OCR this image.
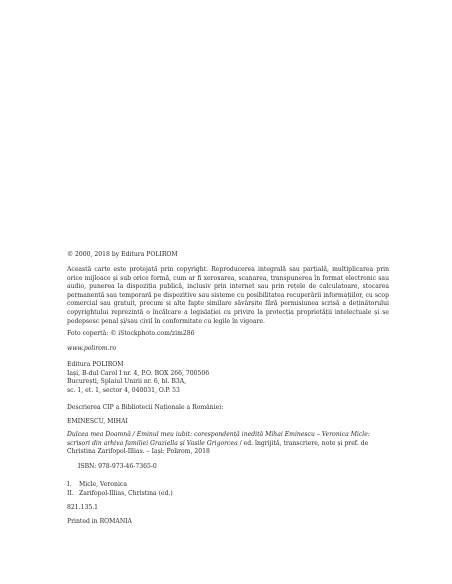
© 2000, 2018 by Editura POLIROM
Această carte este protejată prin copyright. Reproducerea integrală sau parțială, multiplicarea prin orice mijloace și sub orice formă, cum ar fi xeroxarea, scanarea, transpunerea în format electronic sau audio, punerea la dispoziția publică, inclusiv prin internet sau prin rețele de calculatoare, stocarea permanentă sau temporară pe dispozitive sau sisteme cu posibilitatea recuperării informațiilor, cu scop comercial sau gratuit, precum și alte fapte similare săvârșite fără permisiunea scrisă a deținătorului copyrightului reprezintă o încălcare a legislației cu privire la protecția proprietății intelectuale și se pedepsesc penal și/sau civil în conformitate cu legile în vigoare.
Foto copertă: © iStockphoto.com/zim286
www.polirom.ro

Editura POLIROM

Iași, B-dul Carol I nr. 4, P.O. BOX 266, 700506

București, Splaiul Unirii nr. 6, bl. B3A,

sc. 1, et. 1, sector 4, 040031, O.P. 53

Descrierea CIP a Bibliotecii Naționale a României:
EMINESCU, MIHAI
Dulcea mea Doamnă / Eminul meu iubit: corespondență inedită Mihai Eminescu – Veronica Micle: scrisori din arhiva familiei Graziella și Vasile Grigorcea / ed. îngrijită, transcriere, note și pref. de Christina Zarifopol-Illias. – Iași: Polirom, 2018
ISBN: 978-973-46-7365-0
I.	Micle, Veronica
II. Zarifopol-Illias, Christina (ed.)
821.135.1
Printed in ROMANIA
